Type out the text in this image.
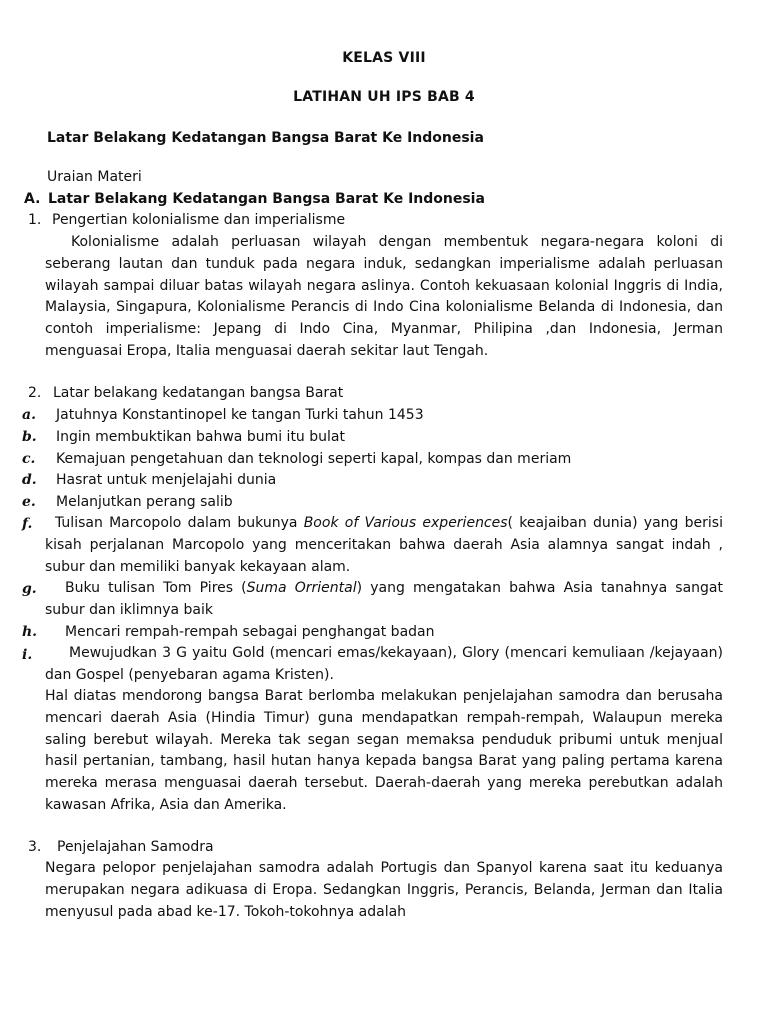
KELAS VIII
LATIHAN UH IPS BAB 4
Latar Belakang Kedatangan Bangsa Barat Ke Indonesia
Uraian Materi
A. Latar Belakang Kedatangan Bangsa Barat Ke Indonesia
1. Pengertian kolonialisme dan imperialisme

Kolonialisme adalah perluasan wilayah dengan membentuk negara-negara koloni di seberang lautan dan tunduk pada negara induk, sedangkan imperialisme adalah perluasan wilayah sampai diluar batas wilayah negara aslinya. Contoh kekuasaan kolonial Inggris di India, Malaysia, Singapura, Kolonialisme Perancis di Indo Cina kolonialisme Belanda di Indonesia, dan contoh imperialisme: Jepang di Indo Cina, Myanmar, Philipina ,dan Indonesia, Jerman menguasai Eropa, Italia menguasai daerah sekitar laut Tengah.

2. Latar belakang kedatangan bangsa Barat
a. Jatuhnya Konstantinopel ke tangan Turki tahun 1453
b. Ingin membuktikan bahwa bumi itu bulat
c. Kemajuan pengetahuan dan teknologi seperti kapal, kompas dan meriam
d. Hasrat untuk menjelajahi dunia
e. Melanjutkan perang salib
f.	Tulisan Marcopolo dalam bukunya Book of Various experiences( keajaiban dunia) yang berisi kisah perjalanan Marcopolo yang menceritakan bahwa daerah Asia alamnya sangat indah , subur dan memiliki banyak kekayaan alam.

g.	Buku tulisan Tom Pires (Suma Orriental) yang mengatakan bahwa Asia tanahnya sangat subur dan iklimnya baik

h. Mencari rempah-rempah sebagai penghangat badan
i.	Mewujudkan 3 G yaitu Gold (mencari emas/kekayaan), Glory (mencari kemuliaan /kejayaan) dan Gospel (penyebaran agama Kristen).

Hal diatas mendorong bangsa Barat berlomba melakukan penjelajahan samodra dan berusaha mencari daerah Asia (Hindia Timur) guna mendapatkan rempah-rempah, Walaupun mereka saling berebut wilayah. Mereka tak segan segan memaksa penduduk pribumi untuk menjual hasil pertanian, tambang, hasil hutan hanya kepada bangsa Barat yang paling pertama karena mereka merasa menguasai daerah tersebut. Daerah-daerah yang mereka perebutkan adalah kawasan Afrika, Asia dan Amerika.

3. Penjelajahan Samodra

Negara pelopor penjelajahan samodra adalah Portugis dan Spanyol karena saat itu keduanya merupakan negara adikuasa di Eropa. Sedangkan Inggris, Perancis, Belanda, Jerman dan Italia menyusul pada abad ke-17. Tokoh-tokohnya adalah
